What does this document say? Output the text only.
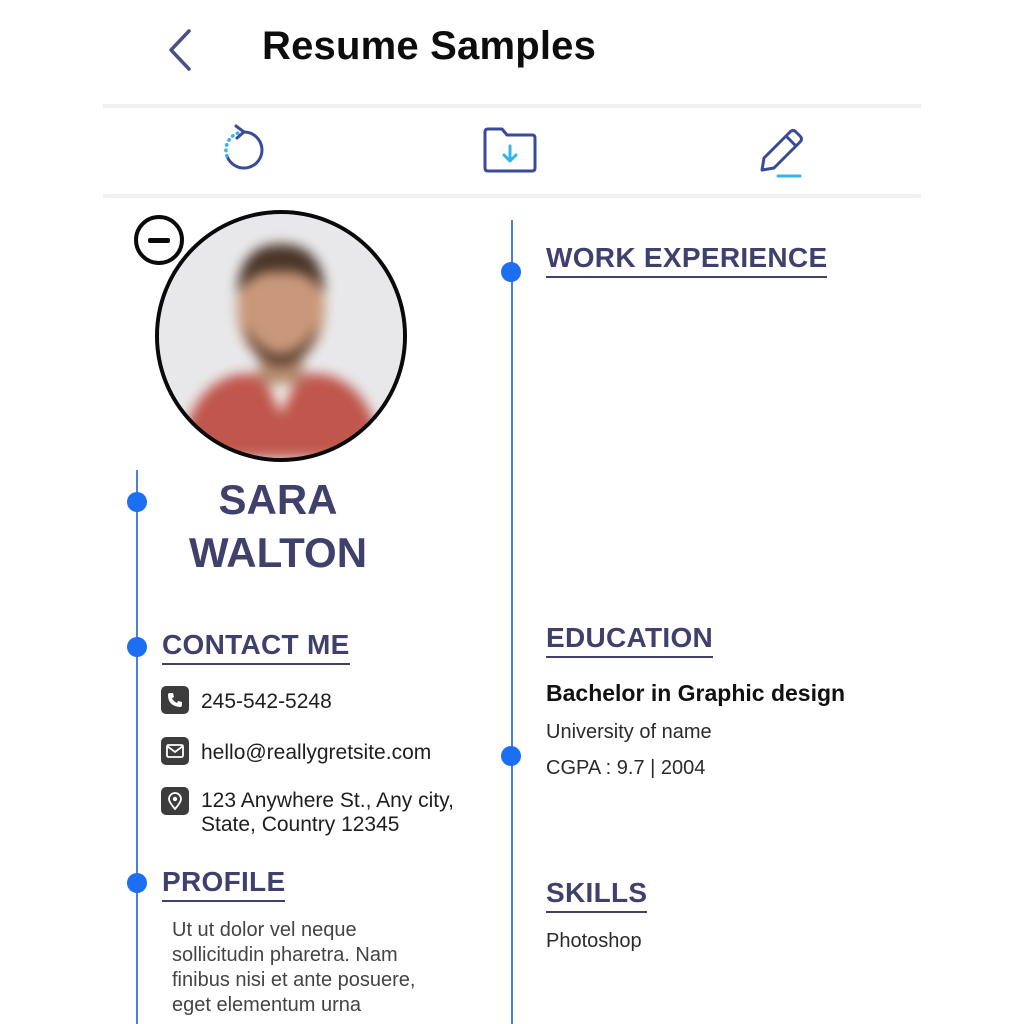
Resume Samples
SARA
WALTON
CONTACT ME
245-542-5248
hello@reallygretsite.com
123 Anywhere St., Any city,
State, Country 12345
PROFILE
Ut ut dolor vel neque
sollicitudin pharetra. Nam
finibus nisi et ante posuere,
eget elementum urna
WORK EXPERIENCE
EDUCATION
Bachelor in Graphic design
University of name
CGPA : 9.7 | 2004
SKILLS
Photoshop
